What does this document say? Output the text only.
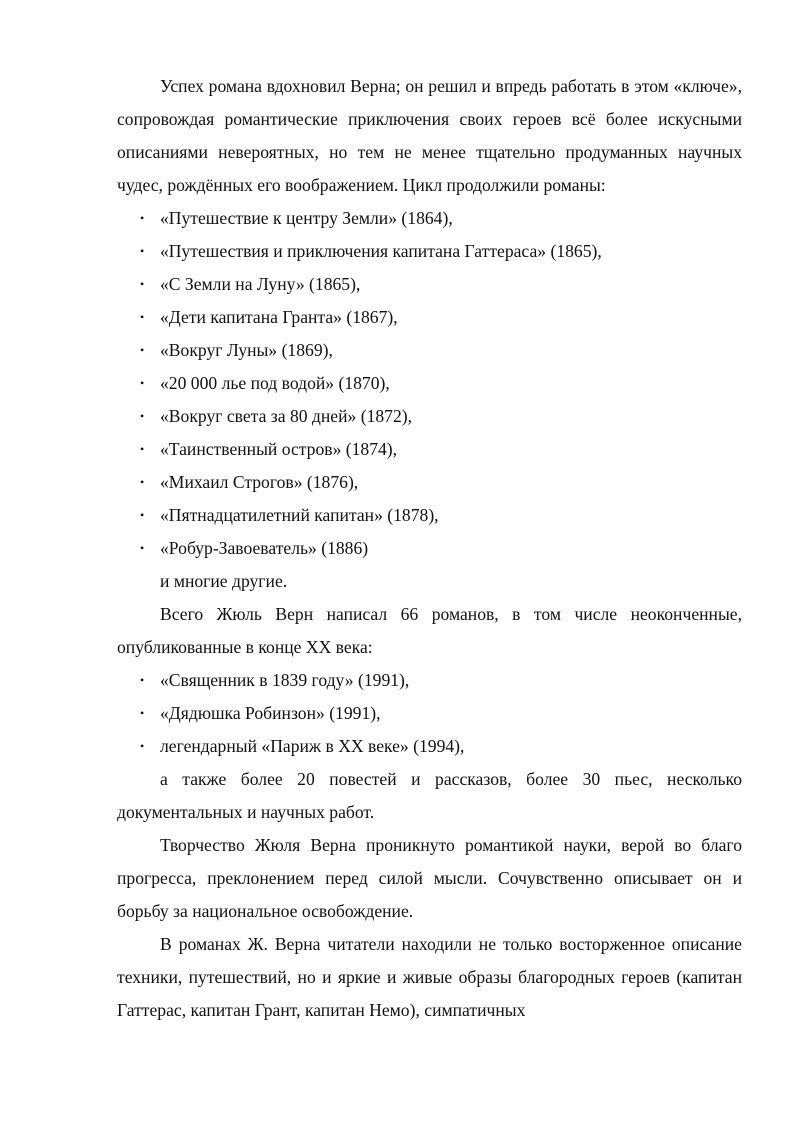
Успех романа вдохновил Верна; он решил и впредь работать в этом «ключе», сопровождая романтические приключения своих героев всё более искусными описаниями невероятных, но тем не менее тщательно продуманных научных чудес, рождённых его воображением. Цикл продолжили романы:

• «Путешествие к центру Земли» (1864),
• «Путешествия и приключения капитана Гаттераса» (1865),
• «С Земли на Луну» (1865),
• «Дети капитана Гранта» (1867),
• «Вокруг Луны» (1869),
• «20 000 лье под водой» (1870),
• «Вокруг света за 80 дней» (1872),
• «Таинственный остров» (1874),
• «Михаил Строгов» (1876),
• «Пятнадцатилетний капитан» (1878),
• «Робур-Завоеватель» (1886)

и многие другие.

Всего Жюль Верн написал 66 романов, в том числе неоконченные, опубликованные в конце XX века:

• «Священник в 1839 году» (1991),
• «Дядюшка Робинзон» (1991),
• легендарный «Париж в XX веке» (1994),

а также более 20 повестей и рассказов, более 30 пьес, несколько документальных и научных работ.

Творчество Жюля Верна проникнуто романтикой науки, верой во благо прогресса, преклонением перед силой мысли. Сочувственно описывает он и борьбу за национальное освобождение.

В романах Ж. Верна читатели находили не только восторженное описание техники, путешествий, но и яркие и живые образы благородных героев (капитан Гаттерас, капитан Грант, капитан Немо), симпатичных
